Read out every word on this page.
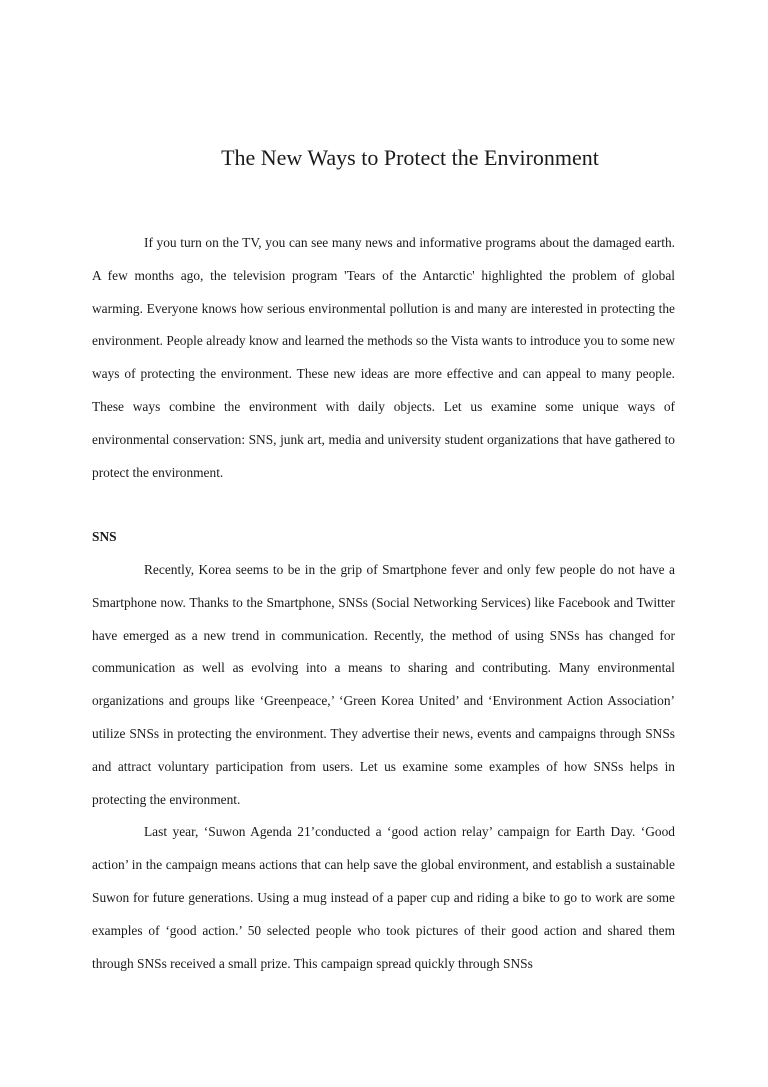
The New Ways to Protect the Environment

If you turn on the TV, you can see many news and informative programs about the damaged earth. A few months ago, the television program 'Tears of the Antarctic' highlighted the problem of global warming. Everyone knows how serious environmental pollution is and many are interested in protecting the environment. People already know and learned the methods so the Vista wants to introduce you to some new ways of protecting the environment. These new ideas are more effective and can appeal to many people. These ways combine the environment with daily objects. Let us examine some unique ways of environmental conservation: SNS, junk art, media and university student organizations that have gathered to protect the environment.

SNS

Recently, Korea seems to be in the grip of Smartphone fever and only few people do not have a Smartphone now. Thanks to the Smartphone, SNSs (Social Networking Services) like Facebook and Twitter have emerged as a new trend in communication. Recently, the method of using SNSs has changed for communication as well as evolving into a means to sharing and contributing. Many environmental organizations and groups like ‘Greenpeace,’ ‘Green Korea United’ and ‘Environment Action Association’ utilize SNSs in protecting the environment. They advertise their news, events and campaigns through SNSs and attract voluntary participation from users. Let us examine some examples of how SNSs helps in protecting the environment.

Last year, ‘Suwon Agenda 21’conducted a ‘good action relay’ campaign for Earth Day. ‘Good action’ in the campaign means actions that can help save the global environment, and establish a sustainable Suwon for future generations. Using a mug instead of a paper cup and riding a bike to go to work are some examples of ‘good action.’ 50 selected people who took pictures of their good action and shared them through SNSs received a small prize. This campaign spread quickly through SNSs
